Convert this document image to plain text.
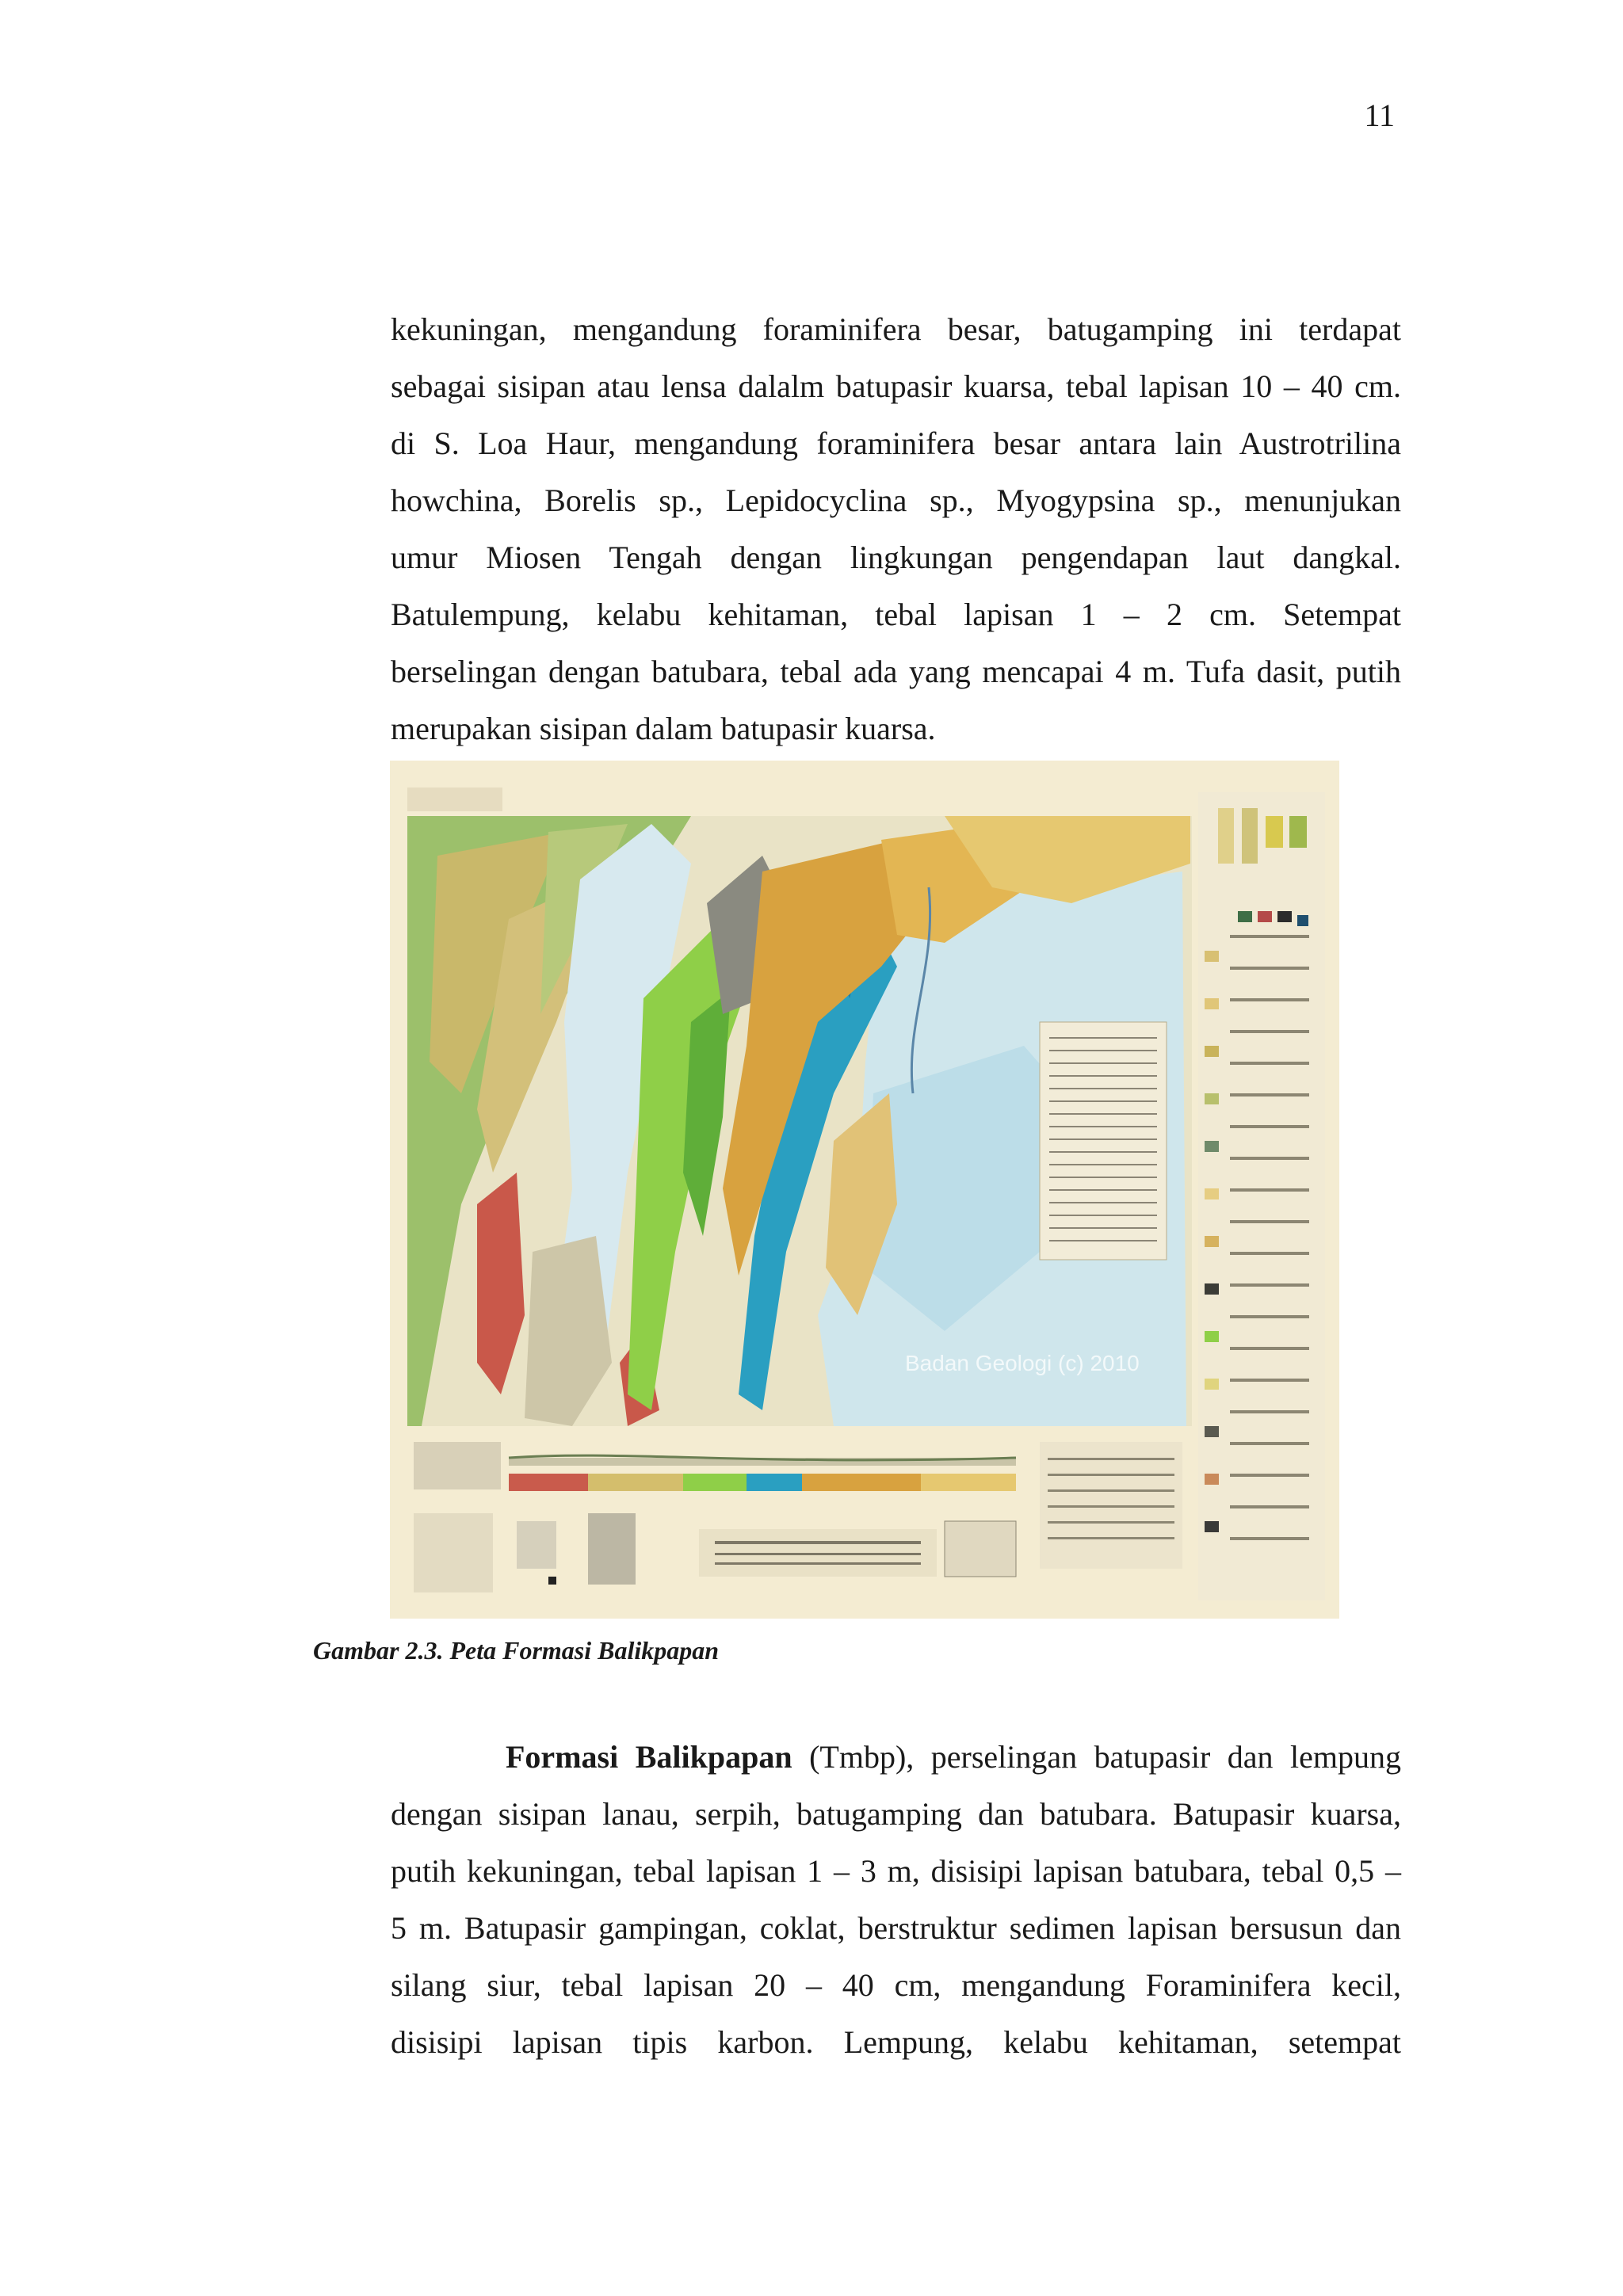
11
kekuningan, mengandung foraminifera besar, batugamping ini terdapat
sebagai sisipan atau lensa dalalm batupasir kuarsa, tebal lapisan 10 – 40 cm.
di S. Loa Haur, mengandung foraminifera besar antara lain Austrotrilina
howchina, Borelis sp., Lepidocyclina sp., Myogypsina sp., menunjukan
umur Miosen Tengah dengan lingkungan pengendapan laut dangkal.
Batulempung, kelabu kehitaman, tebal lapisan 1 – 2 cm. Setempat
berselingan dengan batubara, tebal ada yang mencapai 4 m. Tufa dasit, putih
merupakan sisipan dalam batupasir kuarsa.
Badan Geologi (c) 2010

Gambar 2.3. Peta Formasi Balikpapan

Formasi Balikpapan (Tmbp), perselingan batupasir dan lempung
dengan sisipan lanau, serpih, batugamping dan batubara. Batupasir kuarsa,
putih kekuningan, tebal lapisan 1 – 3 m, disisipi lapisan batubara, tebal 0,5 –
5 m. Batupasir gampingan, coklat, berstruktur sedimen lapisan bersusun dan
silang siur, tebal lapisan 20 – 40 cm, mengandung Foraminifera kecil,
disisipi lapisan tipis karbon. Lempung, kelabu kehitaman, setempat
